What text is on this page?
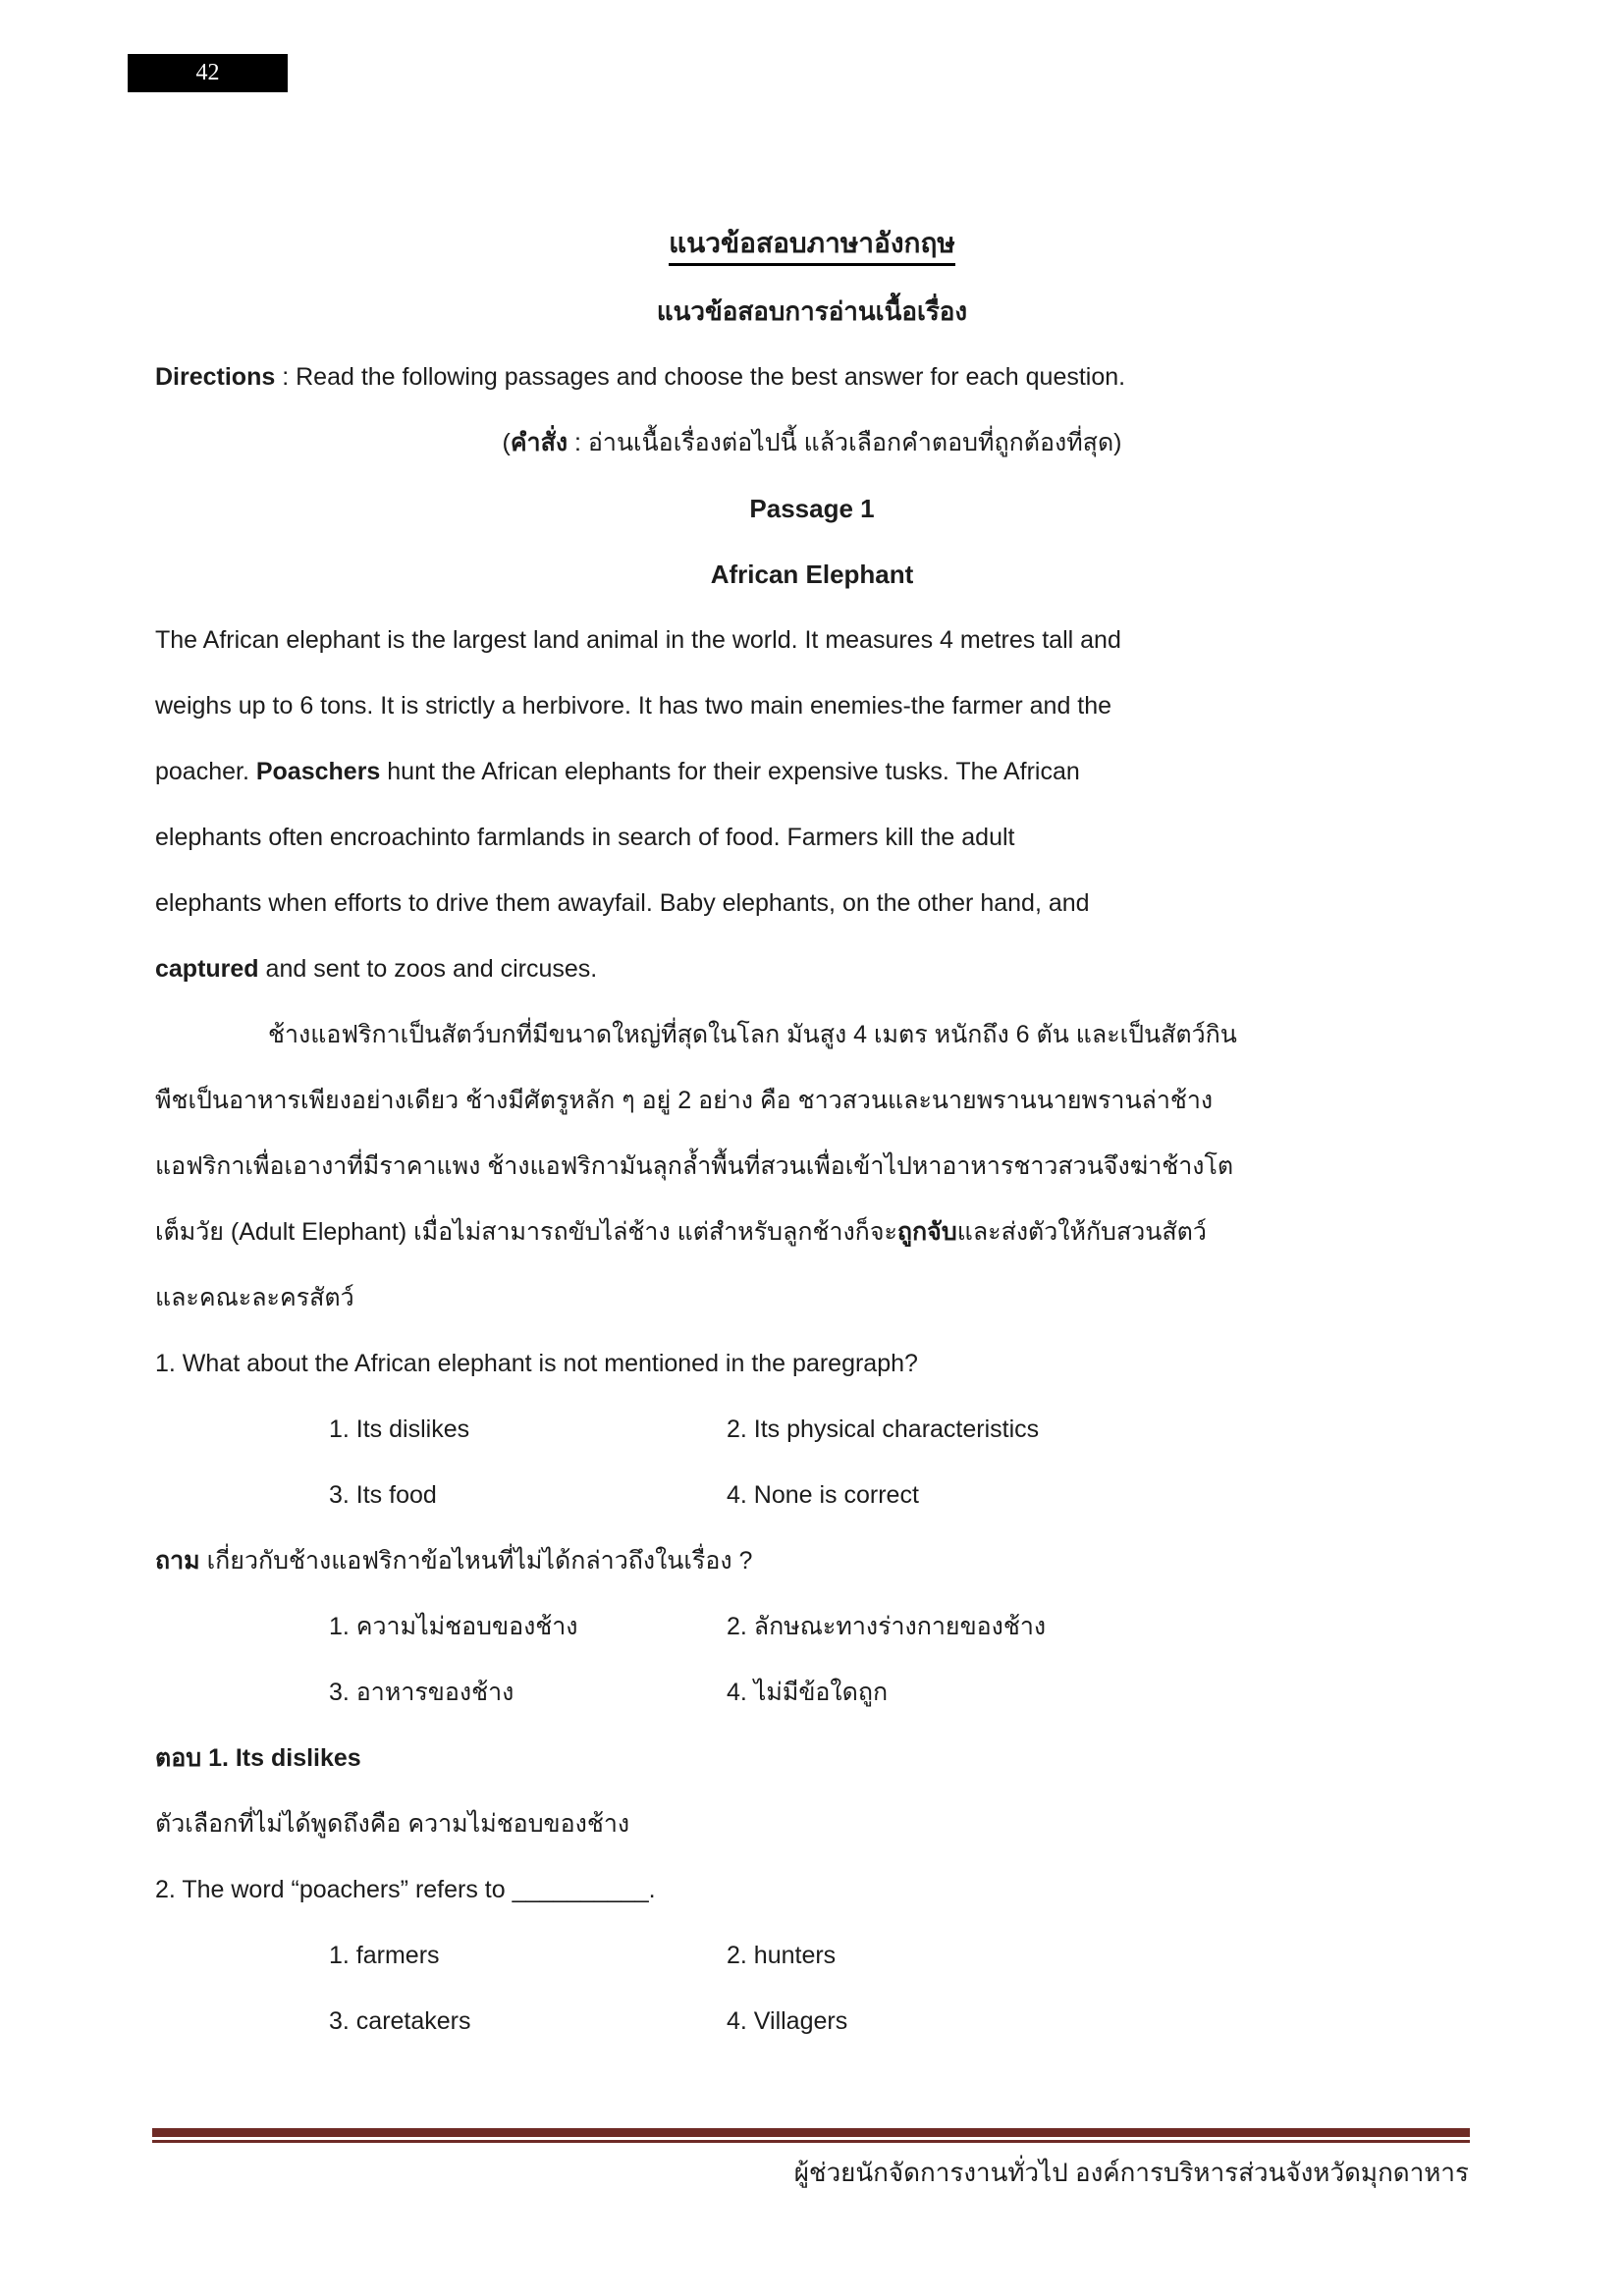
42
แนวข้อสอบภาษาอังกฤษ
แนวข้อสอบการอ่านเนื้อเรื่อง
Directions : Read the following passages and choose the best answer for each question.
( คำสั่ง : อ่านเนื้อเรื่องต่อไปนี้ แล้วเลือกคำตอบที่ถูกต้องที่สุด)
Passage 1
African Elephant
The African elephant is the largest land animal in the world. It measures 4 metres tall and
weighs up to 6 tons. It is strictly a herbivore. It has two main enemies-the farmer and the
poacher. Poaschers hunt the African elephants for their expensive tusks. The African
elephants often encroachinto farmlands in search of food. Farmers kill the adult
elephants when efforts to drive them awayfail. Baby elephants, on the other hand, and
captured and sent to zoos and circuses.
ช้างแอฟริกาเป็นสัตว์บกที่มีขนาดใหญ่ที่สุดในโลก มันสูง 4 เมตร หนักถึง 6 ตัน และเป็นสัตว์กิน
พืชเป็นอาหารเพียงอย่างเดียว ช้างมีศัตรูหลัก ๆ อยู่ 2 อย่าง คือ ชาวสวนและนายพรานนายพรานล่าช้าง
แอฟริกาเพื่อเอางาที่มีราคาแพง ช้างแอฟริกามันลุกล้ำพื้นที่สวนเพื่อเข้าไปหาอาหารชาวสวนจึงฆ่าช้างโต
เต็มวัย (Adult Elephant) เมื่อไม่สามารถขับไล่ช้าง แต่สำหรับลูกช้างก็จะ ถูกจับ และส่งตัวให้กับสวนสัตว์
และคณะละครสัตว์
1. What about the African elephant is not mentioned in the paregraph?
1. Its dislikes	2. Its physical characteristics
3. Its food	4. None is correct
ถาม เกี่ยวกับช้างแอฟริกาข้อไหนที่ไม่ได้กล่าวถึงในเรื่อง ?
1. ความไม่ชอบของช้าง	2. ลักษณะทางร่างกายของช้าง
3. อาหารของช้าง	4. ไม่มีข้อใดถูก
ตอบ 1. Its dislikes
ตัวเลือกที่ไม่ได้พูดถึงคือ ความไม่ชอบของช้าง
2. The word “poachers” refers to __________.
1. farmers	2. hunters
3. caretakers	4. Villagers
ผู้ช่วยนักจัดการงานทั่วไป องค์การบริหารส่วนจังหวัดมุกดาหาร
